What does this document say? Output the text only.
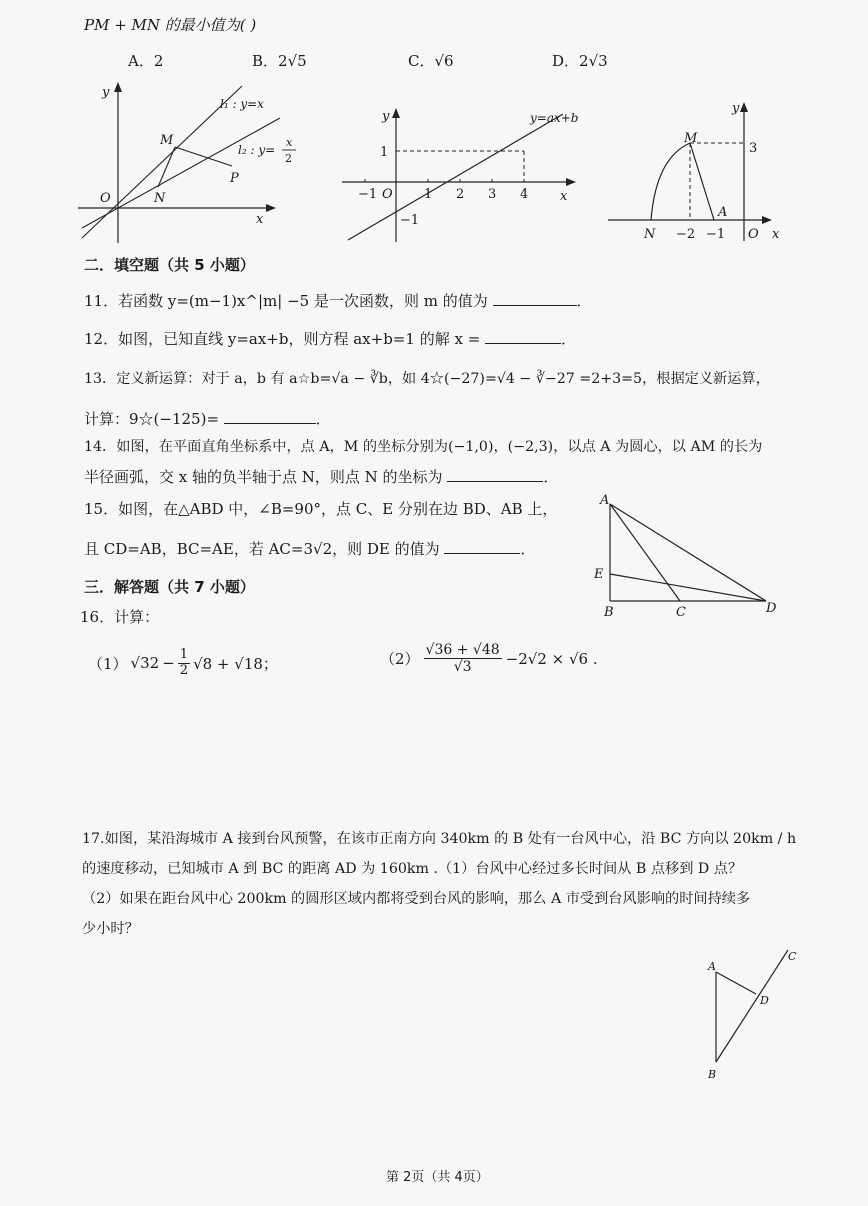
PM + MN 的最小值为( )
A．2	B．2√5	C．√6	D．2√3
y
x
O
M
N
P
l₁ : y=x
l₂ : y=
x
2
y
x
O
y=ax+b
−1	1 2 3 4
1
−1
y
x
O
M
A
N
3
−2 −1
二．填空题（共 5 小题）
11．若函数 y=(m−1)x^|m| −5 是一次函数，则 m 的值为	．
12．如图，已知直线 y=ax+b，则方程 ax+b=1 的解 x =	．
13．定义新运算：对于 a，b 有 a☆b=√a − ∛b，如 4☆(−27)=√4 − ∛−27 =2+3=5，根据定义新运算，
计算：9☆(−125)=	．
14．如图，在平面直角坐标系中，点 A，M 的坐标分别为(−1,0)，(−2,3)，以点 A 为圆心，以 AM 的长为
半径画弧，交 x 轴的负半轴于点 N，则点 N 的坐标为	．
15．如图，在△ABD 中，∠B=90°，点 C、E 分别在边 BD、AB 上，
且 CD=AB，BC=AE，若 AC=3√2，则 DE 的值为	．
A
B	C	D
E
三．解答题（共 7 小题）
16．计算：
（1） $√32 - \frac{1}{2} √8 + √18$；	$(2) \frac{√36 + √48}{√3} -2√2 \times √6$ .
17.如图，某沿海城市 A 接到台风预警，在该市正南方向 340km 的 B 处有一台风中心，沿 BC 方向以 20km / h
的速度移动，已知城市 A 到 BC 的距离 AD 为 160km .（1）台风中心经过多长时间从 B 点移到 D 点？
（2）如果在距台风中心 200km 的圆形区域内都将受到台风的影响，那么 A 市受到台风影响的时间持续多
少小时？
A
B
C
D
第 2页（共 4页）
